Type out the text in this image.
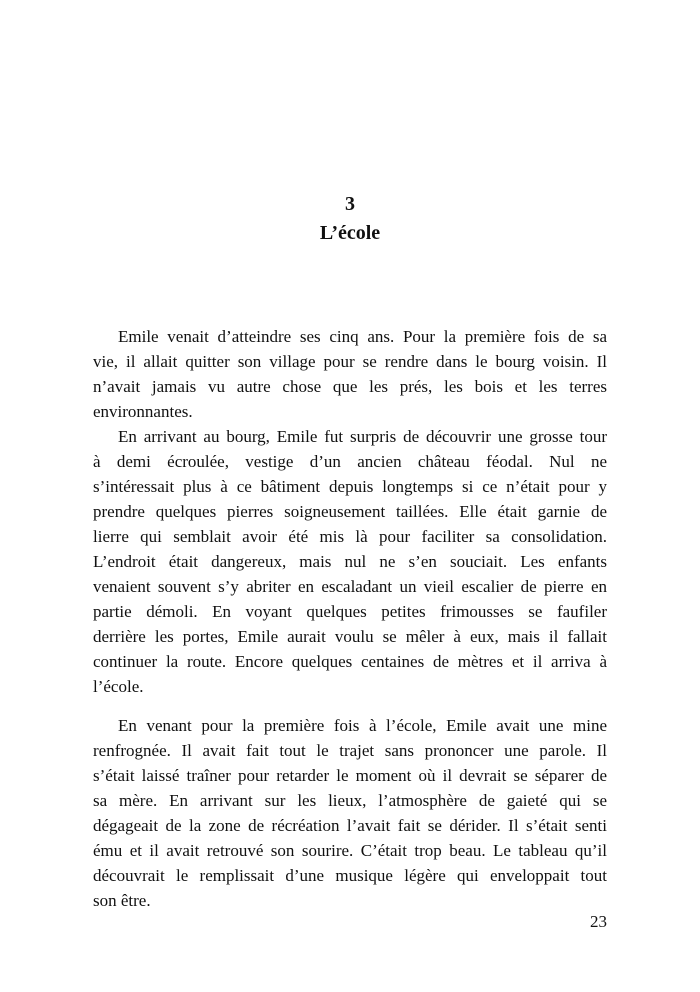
3
L’école
Emile venait d’atteindre ses cinq ans. Pour la première fois de sa
vie, il allait quitter son village pour se rendre dans le bourg voisin. Il
n’avait jamais vu autre chose que les prés, les bois et les terres
environnantes.
En arrivant au bourg, Emile fut surpris de découvrir une grosse tour
à demi écroulée, vestige d’un ancien château féodal. Nul ne
s’intéressait plus à ce bâtiment depuis longtemps si ce n’était pour y
prendre quelques pierres soigneusement taillées. Elle était garnie de
lierre qui semblait avoir été mis là pour faciliter sa consolidation.
L’endroit était dangereux, mais nul ne s’en souciait. Les enfants
venaient souvent s’y abriter en escaladant un vieil escalier de pierre en
partie démoli. En voyant quelques petites frimousses se faufiler
derrière les portes, Emile aurait voulu se mêler à eux, mais il fallait
continuer la route. Encore quelques centaines de mètres et il arriva à
l’école.
En venant pour la première fois à l’école, Emile avait une mine
renfrognée. Il avait fait tout le trajet sans prononcer une parole. Il
s’était laissé traîner pour retarder le moment où il devrait se séparer de
sa mère. En arrivant sur les lieux, l’atmosphère de gaieté qui se
dégageait de la zone de récréation l’avait fait se dérider. Il s’était senti
ému et il avait retrouvé son sourire. C’était trop beau. Le tableau qu’il
découvrait le remplissait d’une musique légère qui enveloppait tout
son être.
23
